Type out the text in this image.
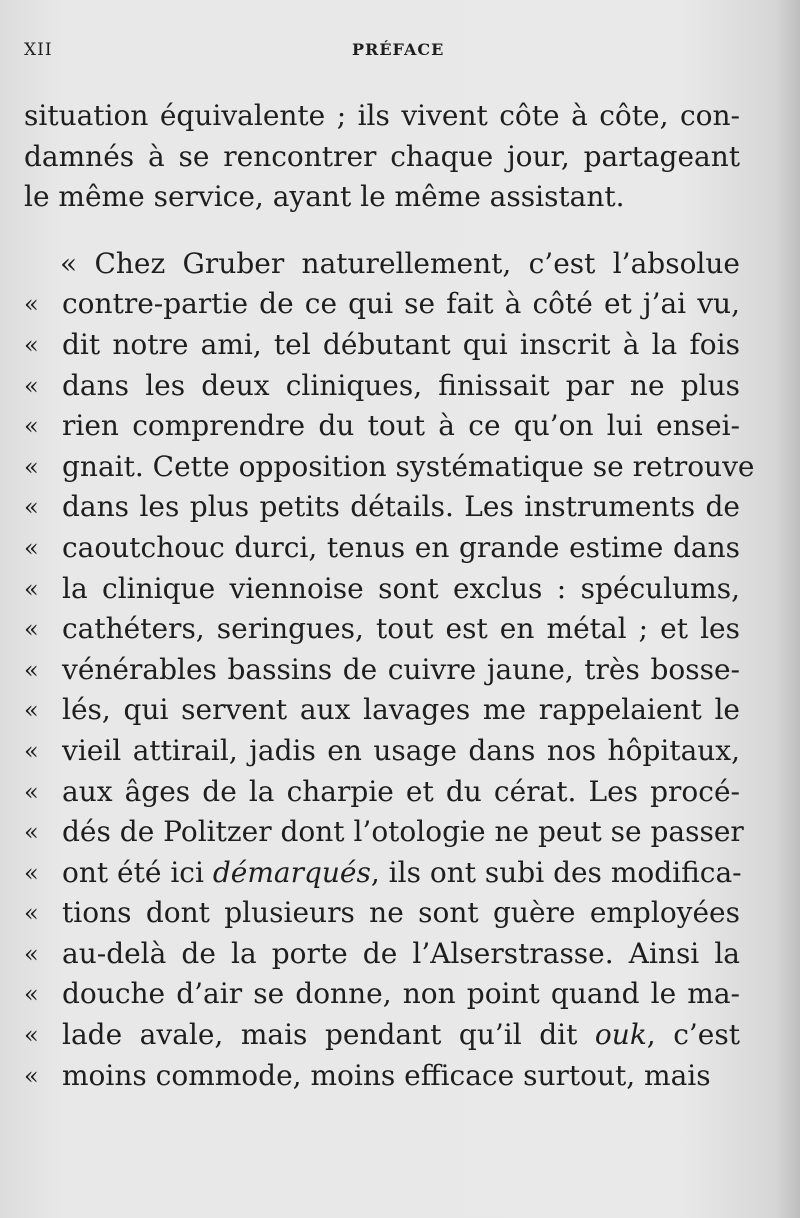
XII	PRÉFACE
situation équivalente ; ils vivent côte à côte, con-
damnés à se rencontrer chaque jour, partageant
le même service, ayant le même assistant.
« Chez Gruber naturellement, c’est l’absolue
« contre-partie de ce qui se fait à côté et j’ai vu,
« dit notre ami, tel débutant qui inscrit à la fois
« dans les deux cliniques, finissait par ne plus
« rien comprendre du tout à ce qu’on lui ensei-
« gnait. Cette opposition systématique se retrouve
« dans les plus petits détails. Les instruments de
« caoutchouc durci, tenus en grande estime dans
« la clinique viennoise sont exclus : spéculums,
« cathéters, seringues, tout est en métal ; et les
« vénérables bassins de cuivre jaune, très bosse-
« lés, qui servent aux lavages me rappelaient le
« vieil attirail, jadis en usage dans nos hôpitaux,
« aux âges de la charpie et du cérat. Les procé-
« dés de Politzer dont l’otologie ne peut se passer
« ont été ici démarqués, ils ont subi des modifica-
« tions dont plusieurs ne sont guère employées
« au-delà de la porte de l’Alserstrasse. Ainsi la
« douche d’air se donne, non point quand le ma-
« lade avale, mais pendant qu’il dit ouk, c’est
« moins commode, moins efficace surtout, mais
